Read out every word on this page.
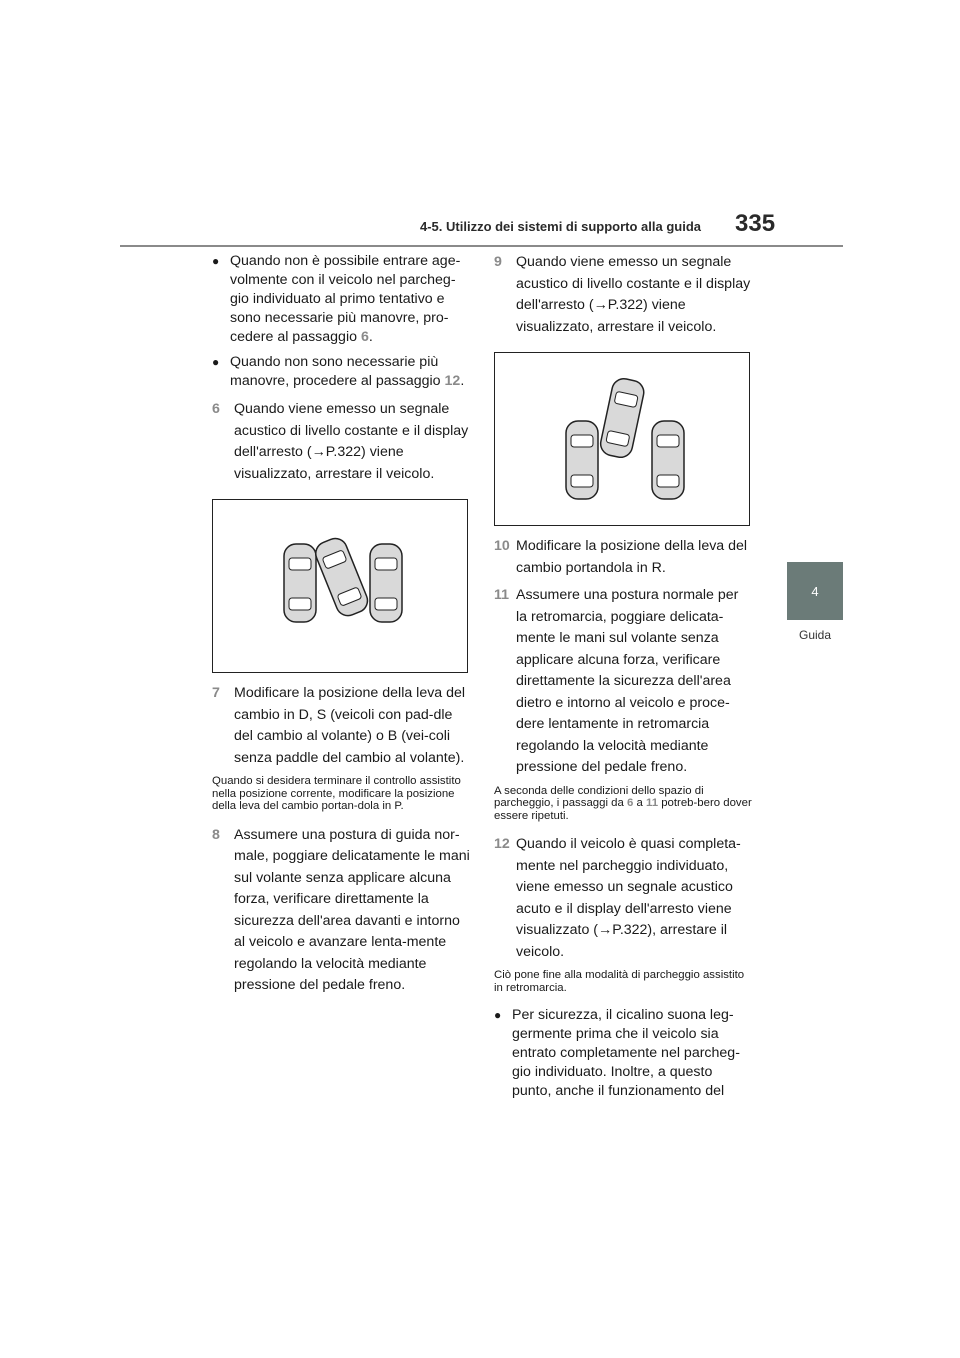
4-5. Utilizzo dei sistemi di supporto alla guida 335
4
Guida

● Quando non è possibile entrare age-volmente con il veicolo nel parcheg-gio individuato al primo tentativo e sono necessarie più manovre, pro-cedere al passaggio 6.

● Quando non sono necessarie più manovre, procedere al passaggio 12.

6 Quando viene emesso un segnale acustico di livello costante e il display dell'arresto (→P.322) viene visualizzato, arrestare il veicolo.

7 Modificare la posizione della leva del cambio in D, S (veicoli con pad-dle del cambio al volante) o B (vei-coli senza paddle del cambio al volante).

Quando si desidera terminare il controllo assistito nella posizione corrente, modificare la posizione della leva del cambio portan-dola in P.

8 Assumere una postura di guida nor-male, poggiare delicatamente le mani sul volante senza applicare alcuna forza, verificare direttamente la sicurezza dell'area davanti e intorno al veicolo e avanzare lenta-mente regolando la velocità mediante pressione del pedale freno.

9 Quando viene emesso un segnale acustico di livello costante e il display dell'arresto (→P.322) viene visualizzato, arrestare il veicolo.

10 Modificare la posizione della leva del cambio portandola in R.

11 Assumere una postura normale per la retromarcia, poggiare delicata-mente le mani sul volante senza applicare alcuna forza, verificare direttamente la sicurezza dell'area dietro e intorno al veicolo e proce-dere lentamente in retromarcia regolando la velocità mediante pressione del pedale freno.

A seconda delle condizioni dello spazio di parcheggio, i passaggi da 6 a 11 potreb-bero dover essere ripetuti.

12 Quando il veicolo è quasi completa-mente nel parcheggio individuato, viene emesso un segnale acustico acuto e il display dell'arresto viene visualizzato (→P.322), arrestare il veicolo.

Ciò pone fine alla modalità di parcheggio assistito in retromarcia.

● Per sicurezza, il cicalino suona leg-germente prima che il veicolo sia entrato completamente nel parcheg-gio individuato. Inoltre, a questo punto, anche il funzionamento del
